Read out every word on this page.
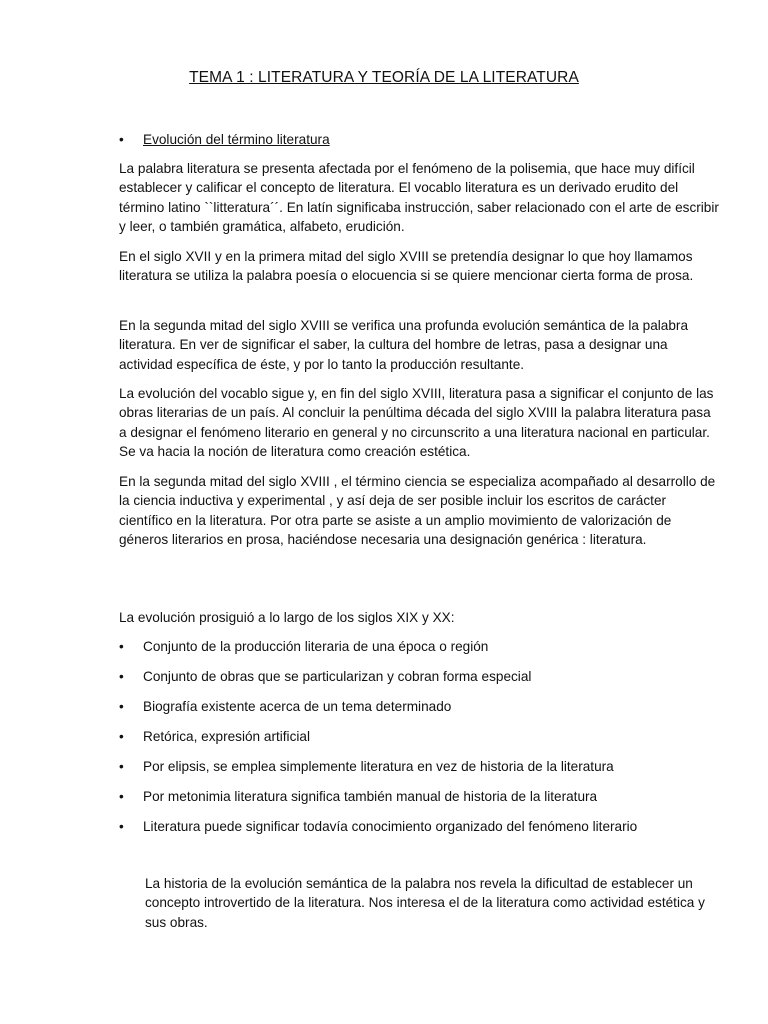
TEMA 1 : LITERATURA Y TEORÍA DE LA LITERATURA
• Evolución del término literatura

La palabra literatura se presenta afectada por el fenómeno de la polisemia, que hace muy difícil establecer y calificar el concepto de literatura. El vocablo literatura es un derivado erudito del término latino ``litteratura´´. En latín significaba instrucción, saber relacionado con el arte de escribir y leer, o también gramática, alfabeto, erudición.

En el siglo XVII y en la primera mitad del siglo XVIII se pretendía designar lo que hoy llamamos literatura se utiliza la palabra poesía o elocuencia si se quiere mencionar cierta forma de prosa.

En la segunda mitad del siglo XVIII se verifica una profunda evolución semántica de la palabra literatura. En ver de significar el saber, la cultura del hombre de letras, pasa a designar una actividad específica de éste, y por lo tanto la producción resultante.

La evolución del vocablo sigue y, en fin del siglo XVIII, literatura pasa a significar el conjunto de las obras literarias de un país. Al concluir la penúltima década del siglo XVIII la palabra literatura pasa a designar el fenómeno literario en general y no circunscrito a una literatura nacional en particular. Se va hacia la noción de literatura como creación estética.

En la segunda mitad del siglo XVIII , el término ciencia se especializa acompañado al desarrollo de la ciencia inductiva y experimental , y así deja de ser posible incluir los escritos de carácter científico en la literatura. Por otra parte se asiste a un amplio movimiento de valorización de géneros literarios en prosa, haciéndose necesaria una designación genérica : literatura.

La evolución prosiguió a lo largo de los siglos XIX y XX:

• Conjunto de la producción literaria de una época o región
• Conjunto de obras que se particularizan y cobran forma especial
• Biografía existente acerca de un tema determinado
• Retórica, expresión artificial
• Por elipsis, se emplea simplemente literatura en vez de historia de la literatura
• Por metonimia literatura significa también manual de historia de la literatura
• Literatura puede significar todavía conocimiento organizado del fenómeno literario

La historia de la evolución semántica de la palabra nos revela la dificultad de establecer un concepto introvertido de la literatura. Nos interesa el de la literatura como actividad estética y sus obras.
